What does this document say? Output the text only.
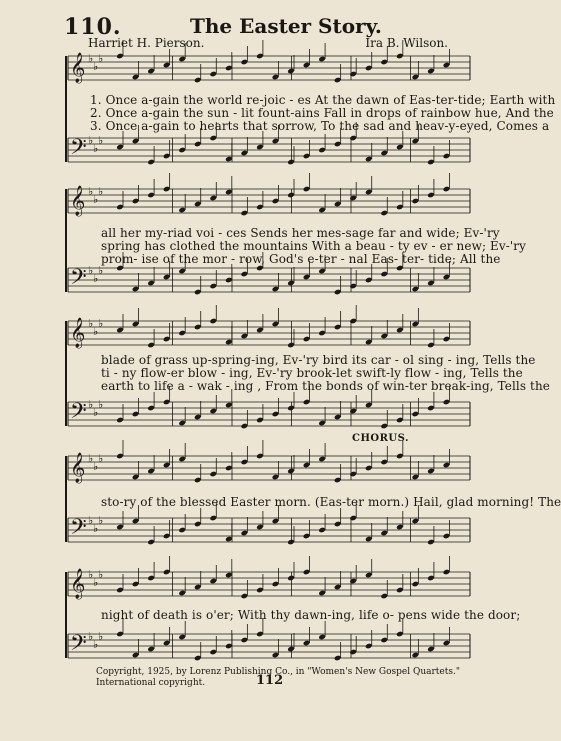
110.	The Easter Story.
Harriet H. Pierson.	Ira B. Wilson.
𝄞 ♭
♭
♭
𝄢 ♭
♭
♭
𝄞 ♭
♭
♭
𝄢 ♭
♭
♭
𝄞 ♭
♭
♭
𝄢 ♭
♭
♭
𝄞 ♭
♭
♭
𝄢 ♭
♭
♭
𝄞 ♭
♭
♭
𝄢 ♭
♭
♭
1. Once a-gain the world re-joic - es At the dawn of Eas-ter-tide; Earth with
2. Once a-gain the sun - lit fount-ains Fall in drops of rainbow hue, And the
3. Once a-gain to hearts that sorrow, To the sad and heav-y-eyed, Comes a
all her my-riad voi - ces Sends her mes-sage far and wide; Ev-'ry
spring has clothed the mountains With a beau - ty ev - er new; Ev-'ry
prom- ise of the mor - row, God's e-ter - nal Eas- ter- tide; All the
blade of grass up-spring-ing, Ev-'ry bird its car - ol sing - ing, Tells the
ti - ny flow-er blow - ing, Ev-'ry brook-let swift-ly flow - ing, Tells the
earth to life a - wak - ing , From the bonds of win-ter break-ing, Tells the
CHORUS.
sto-ry of the blessed Easter morn. (Eas-ter morn.) Hail, glad morning! The
night of death is o'er; With thy dawn-ing, life o- pens wide the door;
Copyright, 1925, by Lorenz Publishing Co., in "Women's New Gospel Quartets."
International copyright.	112
